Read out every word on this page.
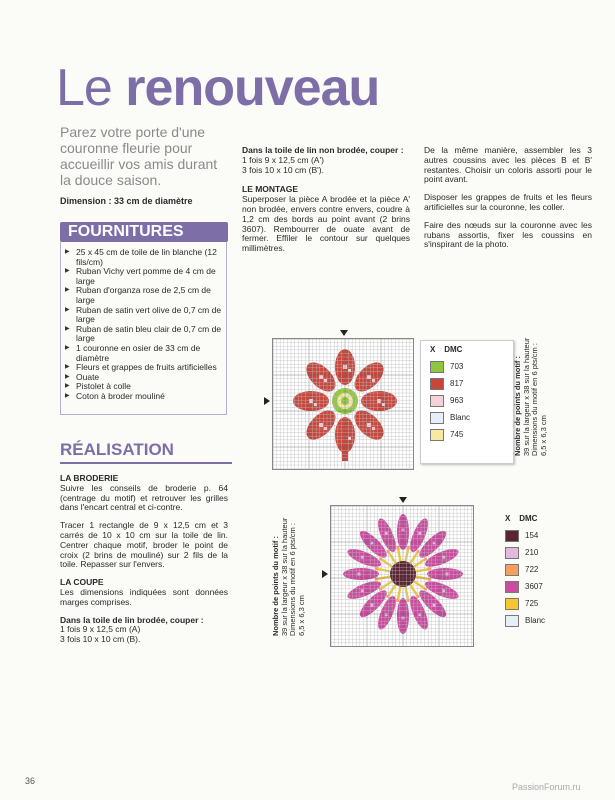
Le renouveau
Parez votre porte d'une couronne fleurie pour accueillir vos amis durant la douce saison.
Dimension : 33 cm de diamètre
FOURNITURES
▶ 25 x 45 cm de toile de lin blanche (12 fils/cm)
▶ Ruban Vichy vert pomme de 4 cm de large
▶ Ruban d'organza rose de 2,5 cm de large
▶ Ruban de satin vert olive de 0,7 cm de large
▶ Ruban de satin bleu clair de 0,7 cm de large
▶ 1 couronne en osier de 33 cm de diamètre
▶ Fleurs et grappes de fruits artificielles
▶ Ouate
▶ Pistolet à colle
▶ Coton à broder mouliné
RÉALISATION

LA BRODERIE

Suivre les conseils de broderie p. 64 (centrage du motif) et retrouver les grilles dans l'encart central et ci-contre.

Tracer 1 rectangle de 9 x 12,5 cm et 3 carrés de 10 x 10 cm sur la toile de lin. Centrer chaque motif, broder le point de croix (2 brins de mouliné) sur 2 fils de la toile. Repasser sur l'envers.

LA COUPE

Les dimensions indiquées sont données marges comprises.

Dans la toile de lin brodée, couper :

1 fois 9 x 12,5 cm (A)
3 fois 10 x 10 cm (B).

Dans la toile de lin non brodée, couper :

1 fois 9 x 12,5 cm (A')
3 fois 10 x 10 cm (B').

LE MONTAGE

Superposer la pièce A brodée et la pièce A' non brodée, envers contre envers, coudre à 1,2 cm des bords au point avant (2 brins 3607). Rembourrer de ouate avant de fermer. Effiler le contour sur quelques millimètres.

De la même manière, assembler les 3 autres coussins avec les pièces B et B' restantes. Choisir un coloris assorti pour le point avant.

Disposer les grappes de fruits et les fleurs artificielles sur la couronne, les coller.

Faire des nœuds sur la couronne avec les rubans assortis, fixer les coussins en s'inspirant de la photo.

X DMC
703
817
963
Blanc
745	Nombre de points du motif : 39 sur la largeur x 38 sur la hauteur Dimensions du motif en 6 pts/cm : 6,5 x 6,3 cm
X DMC
154
210
722
3607
725
Blanc
Nombre de points du motif : 39 sur la largeur x 38 sur la hauteur Dimensions du motif en 6 pts/cm : 6,5 x 6,3 cm
36
PassionForum.ru
